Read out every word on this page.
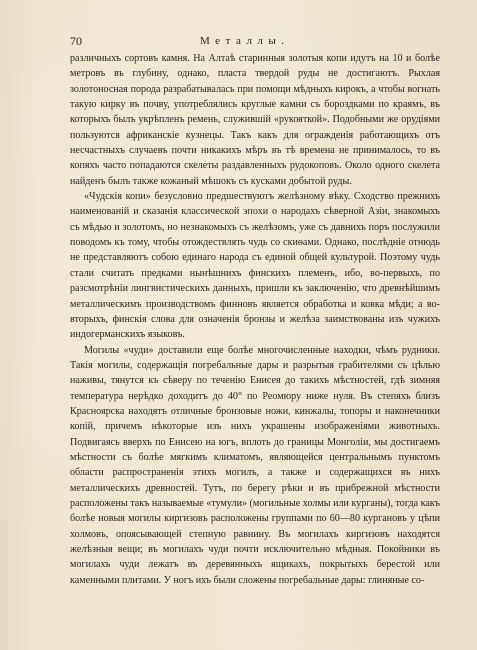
70	Металлы.

различныхъ сортовъ камня. На Алтаѣ старинныя золотыя копи идутъ на 10 и болѣе метровъ въ глубину, однако, пласта твердой руды не достигаютъ. Рыхлая золотоносная порода разрабатывалась при помощи мѣдныхъ кирокъ, а чтобы вогнать такую кирку въ почву, употреблялись круглые камни съ бороздками по краямъ, въ которыхъ былъ укрѣпленъ ремень, служившій «рукояткой». Подобными же орудіями пользуются африканскіе кузнецы. Такъ какъ для огражденія работающихъ отъ несчастныхъ случаевъ почти никакихъ мѣръ въ тѣ времена не принималось, то въ копяхъ часто попадаются скелеты раздавленныхъ рудокоповъ. Около одного скелета найденъ былъ также кожаный мѣшокъ съ кусками добытой руды.

«Чудскія копи» безусловно предшествуютъ желѣзному вѣку. Сходство прежнихъ наименованій и сказанія классической эпохи о народахъ сѣверной Азіи, знакомыхъ съ мѣдью и золотомъ, но незнакомыхъ съ желѣзомъ, уже съ давнихъ поръ послужили поводомъ къ тому, чтобы отождествлять чудь со скиѳами. Однако, послѣдніе отнюдь не представляютъ собою единаго народа съ единой общей культурой. Поэтому чудь стали считать предками нынѣшнихъ финскихъ племенъ, ибо, во-первыхъ, по разсмотрѣніи лингвистическихъ данныхъ, пришли къ заключенію, что древнѣйшимъ металлическимъ производствомъ финновъ является обработка и ковка мѣди; а во-вторыхъ, финскія слова для означенія бронзы и желѣза заимствованы изъ чужихъ индогерманскихъ языковъ.

Могилы «чуди» доставили еще болѣе многочисленные находки, чѣмъ рудники. Такія могилы, содержащія погребальные дары и разрытыя грабителями съ цѣлью наживы, тянутся къ сѣверу по теченію Енисея до такихъ мѣстностей, гдѣ зимняя температура нерѣдко доходитъ до 40° по Реомюру ниже нуля. Въ степяхъ близъ Красноярска находятъ отличные бронзовые ножи, кинжалы, топоры и наконечники копій, причемъ нѣкоторые изъ нихъ украшены изображеніями животныхъ. Подвигаясь вверхъ по Енисею на югъ, вплоть до границы Монголіи, мы достигаемъ мѣстности съ болѣе мягкимъ климатомъ, являющейся центральнымъ пунктомъ области распространенія этихъ могилъ, а также и содержащихся въ нихъ металлическихъ древностей. Тутъ, по берегу рѣки и въ прибрежной мѣстности расположены такъ называемые «тумули» (могильные холмы или курганы), тогда какъ болѣе новыя могилы киргизовъ расположены группами по 60—80 кургановъ у цѣпи холмовъ, опоясывающей степную равнину. Въ могилахъ киргизовъ находятся желѣзныя вещи; въ могилахъ чуди почти исключительно мѣдныя. Покойники въ могилахъ чуди лежатъ въ деревянныхъ ящикахъ, покрытыхъ берестой или каменными плитами. У ногъ ихъ были сложены погребальные дары: глиняные со-
